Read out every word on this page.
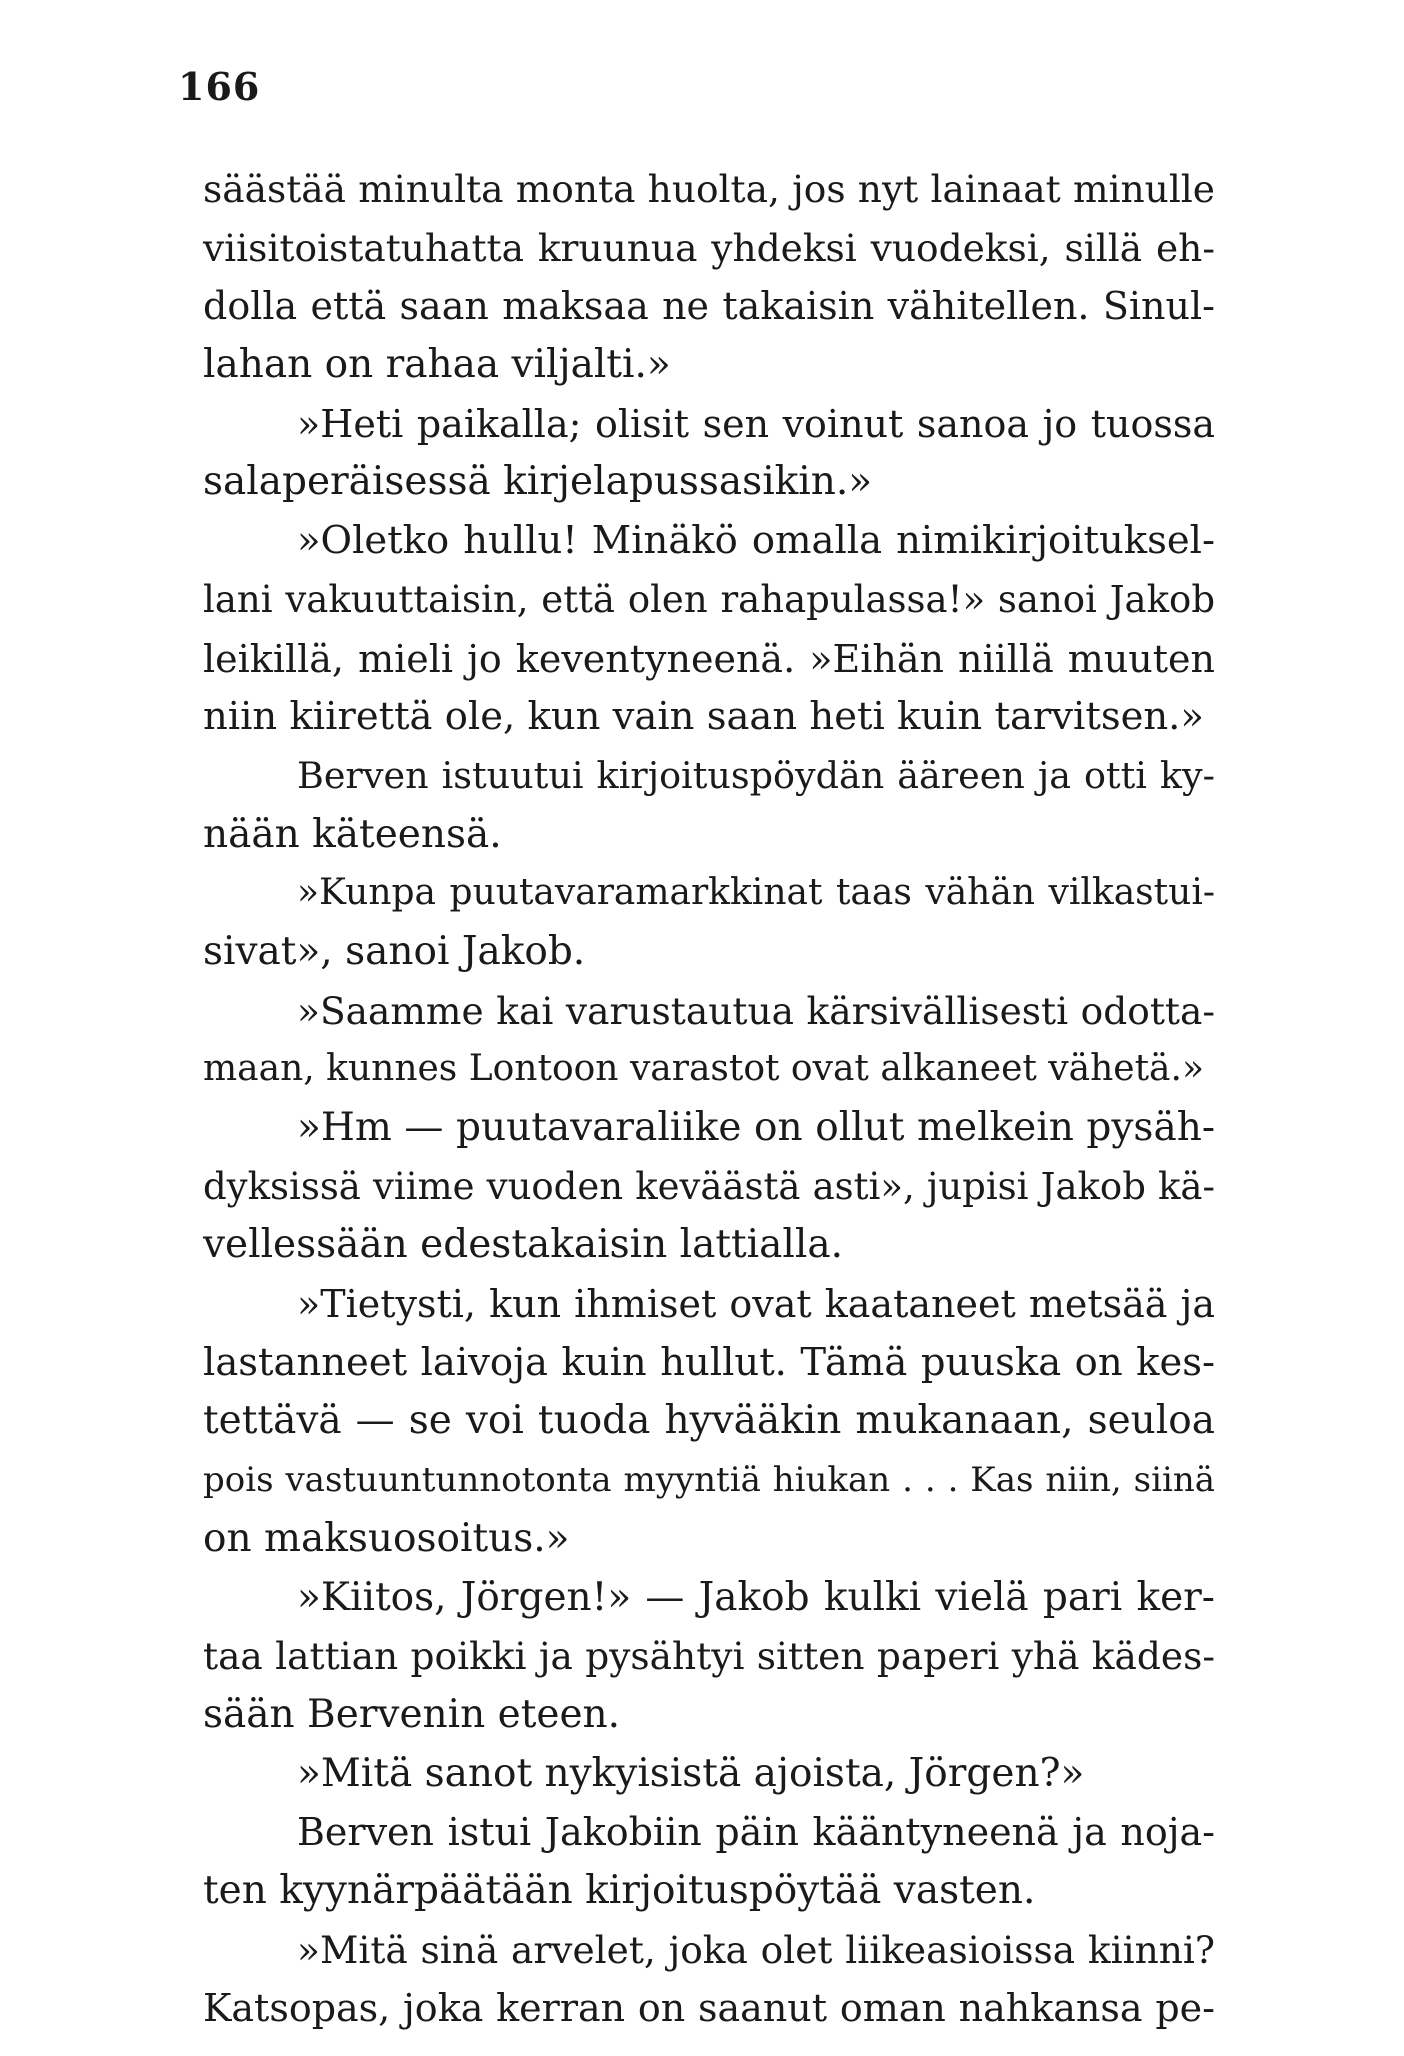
166
säästää minulta monta huolta, jos nyt lainaat minulle
viisitoistatuhatta kruunua yhdeksi vuodeksi, sillä eh-
dolla että saan maksaa ne takaisin vähitellen. Sinul-
lahan on rahaa viljalti.»
»Heti paikalla; olisit sen voinut sanoa jo tuossa
salaperäisessä kirjelapussasikin.»
»Oletko hullu! Minäkö omalla nimikirjoituksel-
lani vakuuttaisin, että olen rahapulassa!» sanoi Jakob
leikillä, mieli jo keventyneenä. »Eihän niillä muuten
niin kiirettä ole, kun vain saan heti kuin tarvitsen.»
Berven istuutui kirjoituspöydän ääreen ja otti ky-
nään käteensä.
»Kunpa puutavaramarkkinat taas vähän vilkastui-
sivat», sanoi Jakob.
»Saamme kai varustautua kärsivällisesti odotta-
maan, kunnes Lontoon varastot ovat alkaneet vähetä.»
»Hm — puutavaraliike on ollut melkein pysäh-
dyksissä viime vuoden keväästä asti», jupisi Jakob kä-
vellessään edestakaisin lattialla.
»Tietysti, kun ihmiset ovat kaataneet metsää ja
lastanneet laivoja kuin hullut. Tämä puuska on kes-
tettävä — se voi tuoda hyvääkin mukanaan, seuloa
pois vastuuntunnotonta myyntiä hiukan . . . Kas niin, siinä
on maksuosoitus.»
»Kiitos, Jörgen!» — Jakob kulki vielä pari ker-
taa lattian poikki ja pysähtyi sitten paperi yhä kädes-
sään Bervenin eteen.
»Mitä sanot nykyisistä ajoista, Jörgen?»
Berven istui Jakobiin päin kääntyneenä ja noja-
ten kyynärpäätään kirjoituspöytää vasten.
»Mitä sinä arvelet, joka olet liikeasioissa kiinni?
Katsopas, joka kerran on saanut oman nahkansa pe-
